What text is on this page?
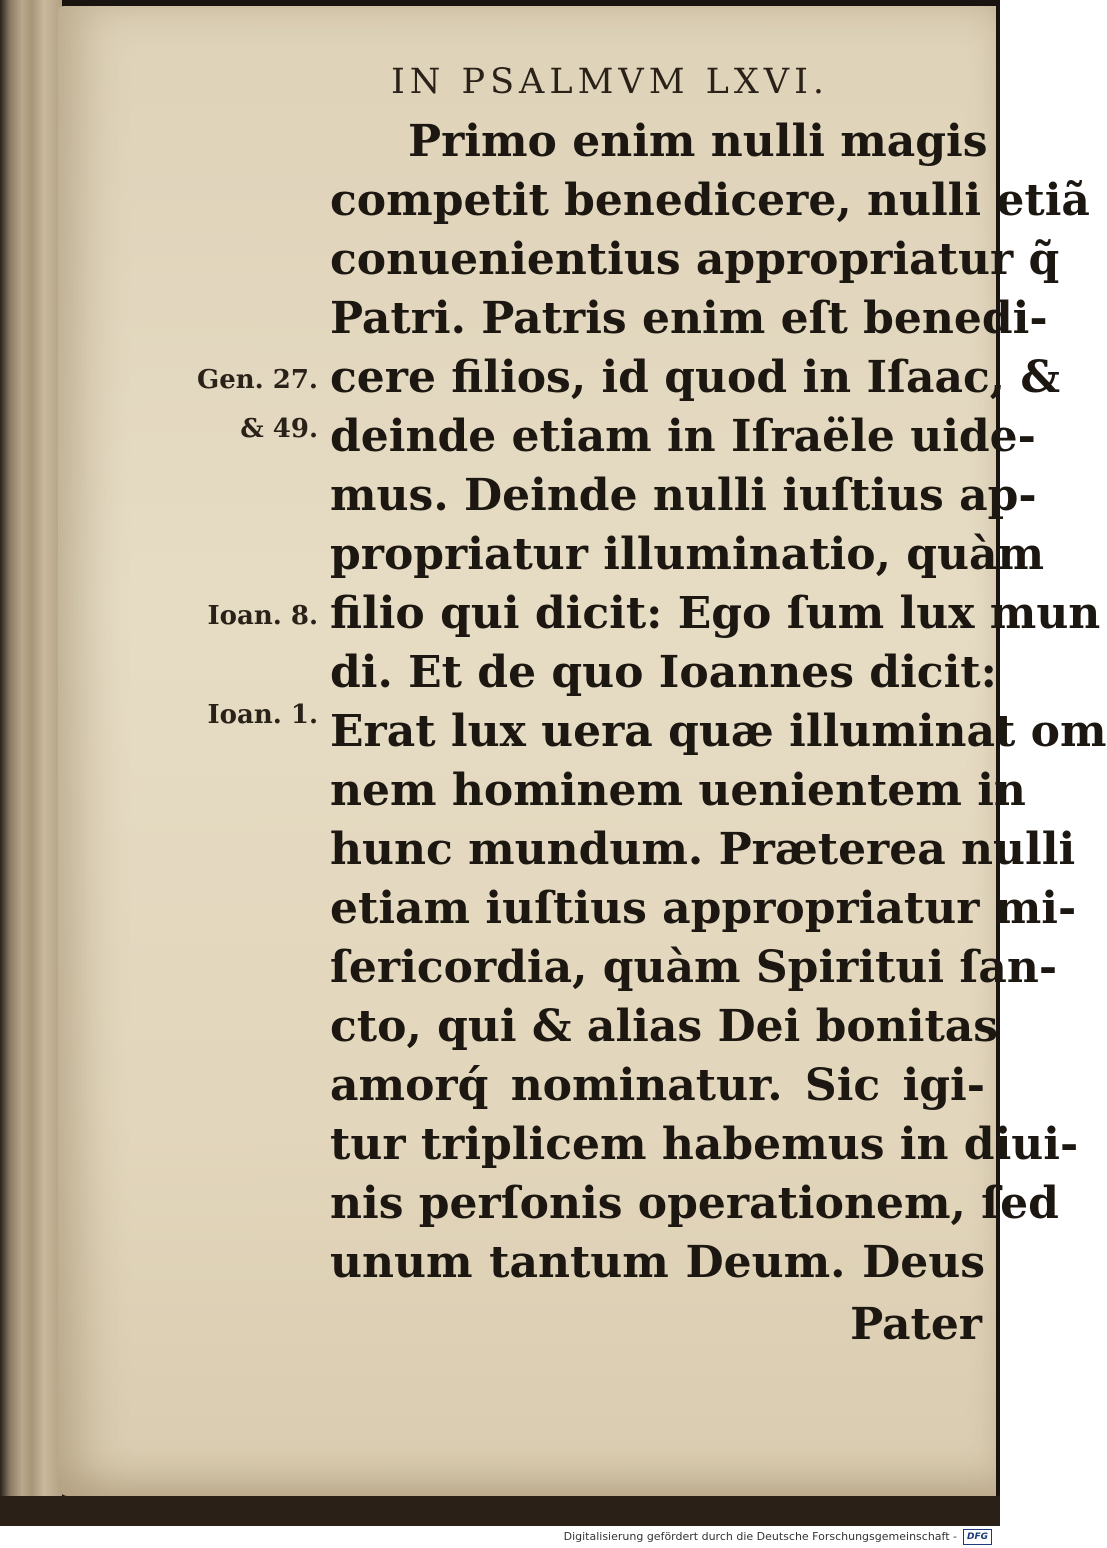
IN PSALMVM LXVI.
Primo enim nulli magis
competit benedicere, nulli etiã
conuenientius appropriatur q̃
Patri. Patris enim eſt benedi-
cere filios, id quod in Iſaac, &
deinde etiam in Iſraële uide-
mus. Deinde nulli iuſtius ap-
propriatur illuminatio, quàm
filio qui dicit: Ego ſum lux mun
di. Et de quo Ioannes dicit:
Erat lux uera quæ illuminat om
nem hominem uenientem in
hunc mundum. Præterea nulli
etiam iuſtius appropriatur mi-
ſericordia, quàm Spiritui ſan-
cto, qui & alias Dei bonitas
amorq́ nominatur. Sic igi-
tur triplicem habemus in diui-
nis perſonis operationem, ſed
unum tantum Deum. Deus
Pater
Gen. 27.
& 49.
Ioan. 8.
Ioan. 1.
Digitalisierung gefördert durch die Deutsche Forschungsgemeinschaft - DFG
